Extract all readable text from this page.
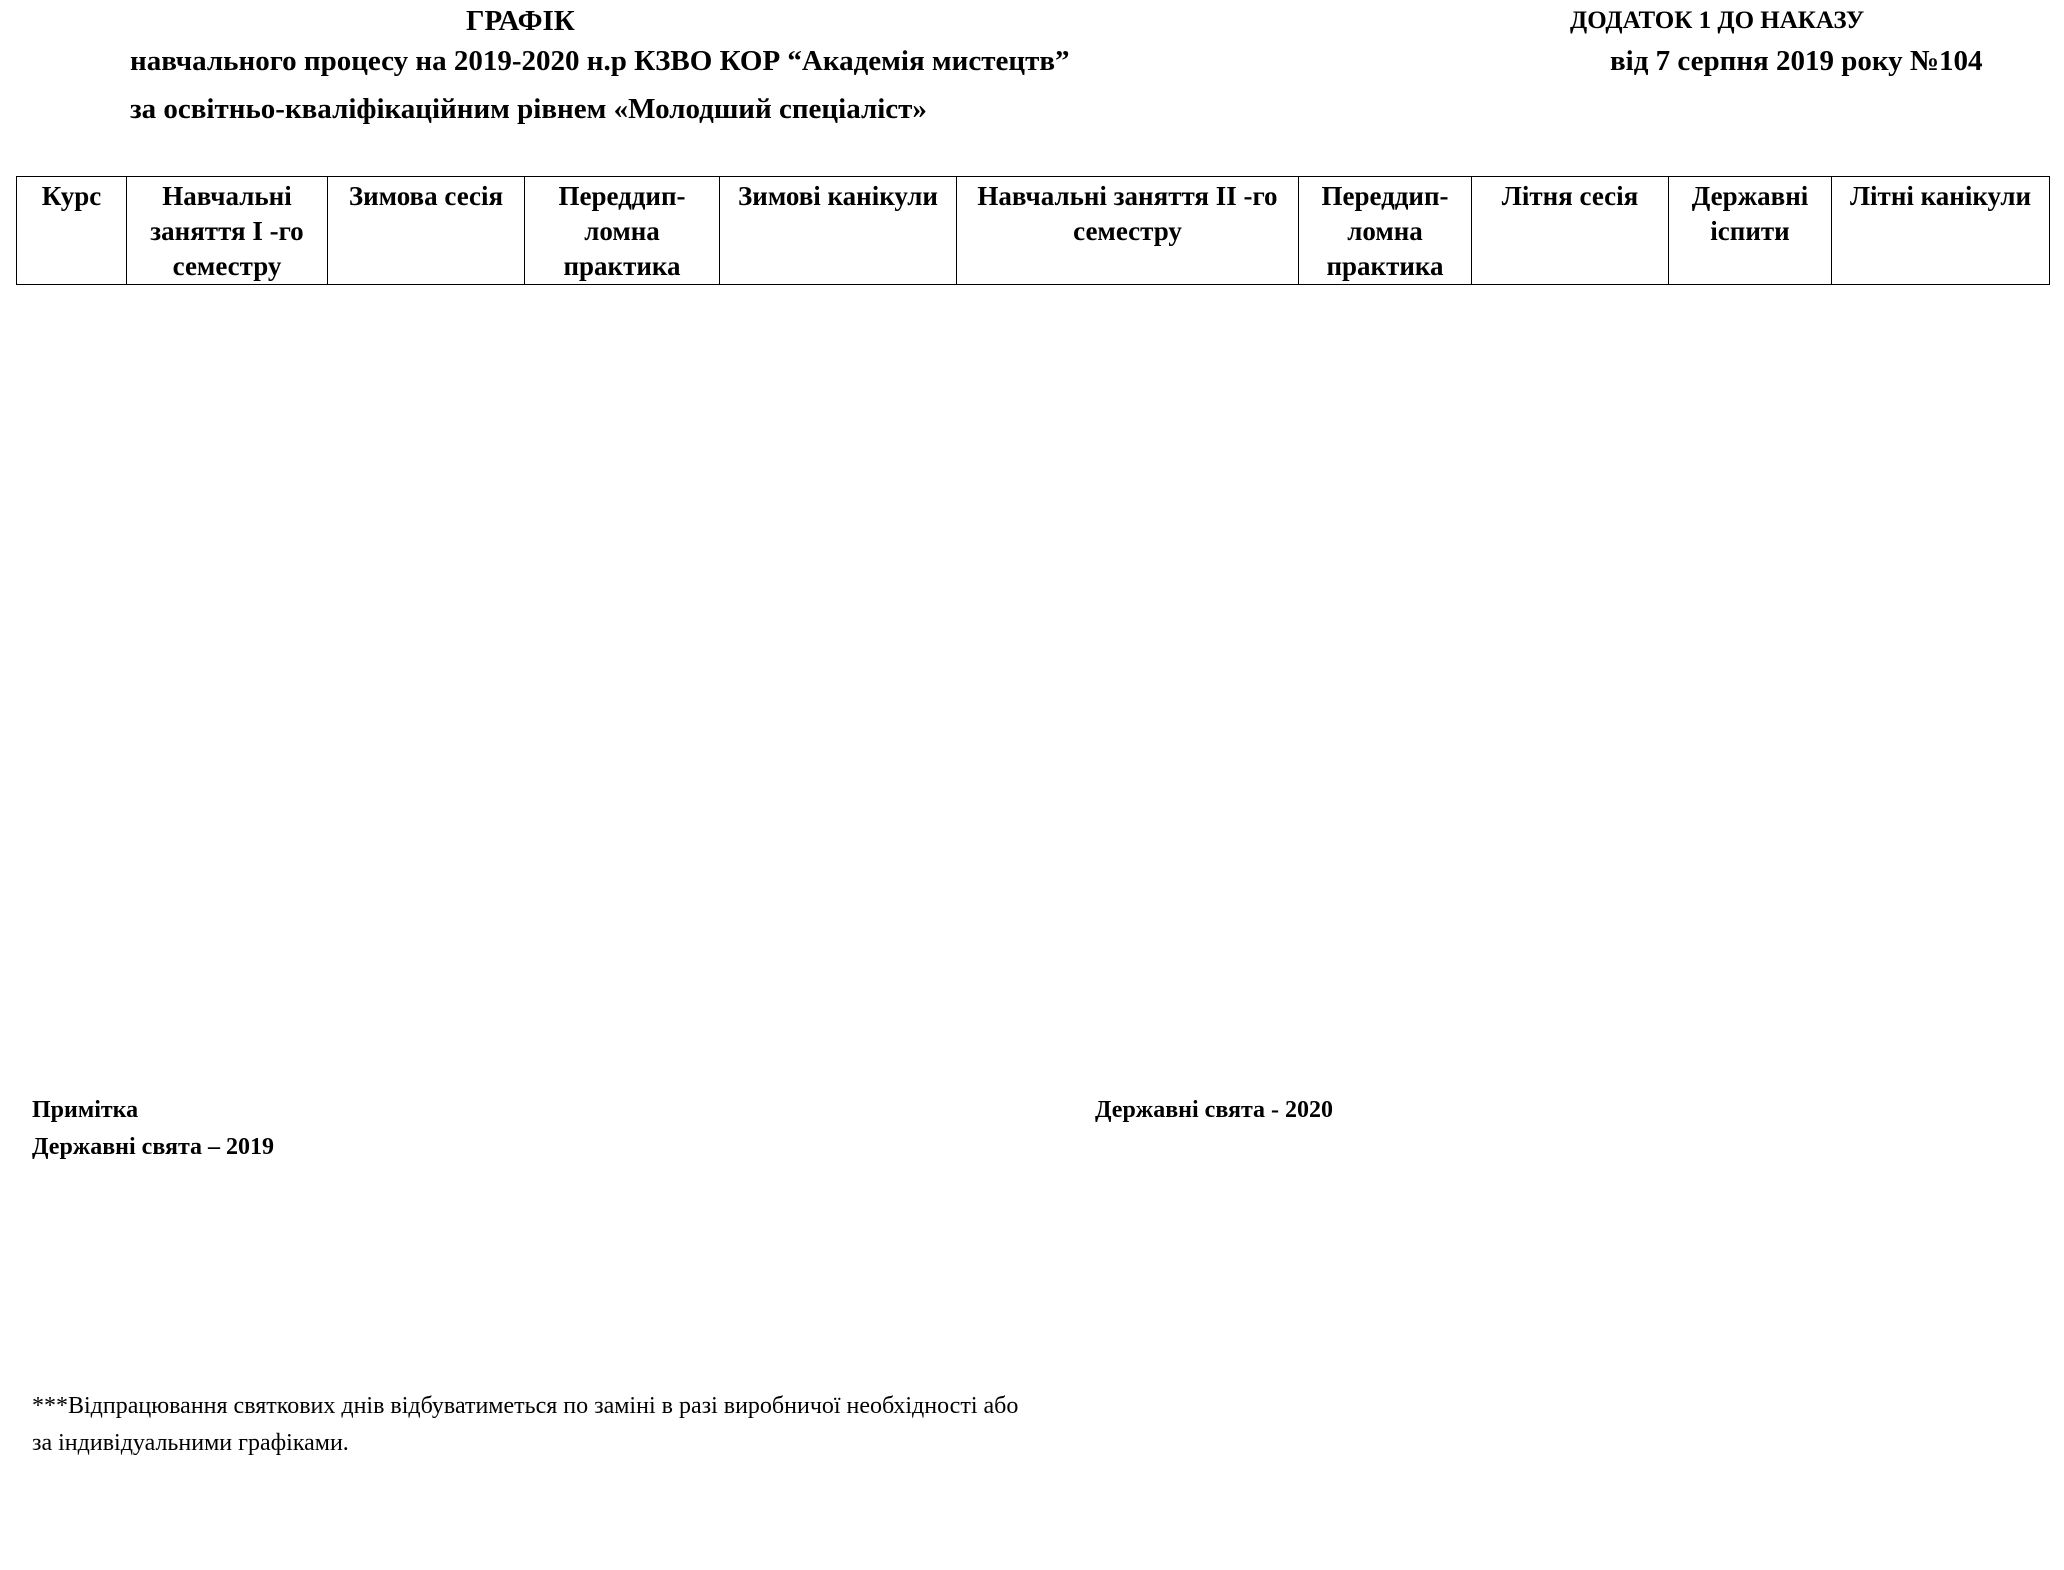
ГРАФІК
навчального процесу на 2019-2020 н.р КЗВО КОР “Академія мистецтв”
за освітньо-кваліфікаційним рівнем «Молодший спеціаліст»
ДОДАТОК 1 ДО НАКАЗУ
від 7 серпня 2019 року №104
Курс	Навчальні заняття І -го семестру	Зимова сесія	Переддип-ломна практика	Зимові канікули	Навчальні заняття ІІ -го семестру	Переддип-ломна практика	Літня сесія	Державні іспити	Літні канікули
Примітка
Державні свята – 2019
***Відпрацювання святкових днів відбуватиметься по заміні в разі виробничої необхідності або за індивідуальними графіками.
Державні свята - 2020
